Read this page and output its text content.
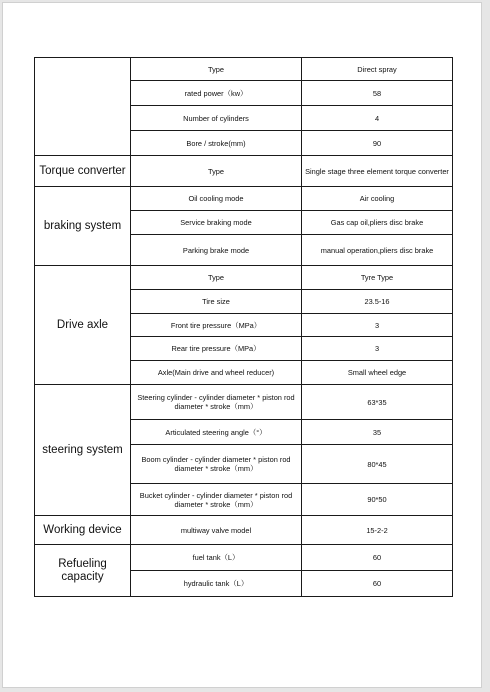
	Type	Direct spray
	rated power（kw）	58
	Number of cylinders	4
	Bore / stroke(mm)	90
Torque converter	Type	Single stage three element torque converter
braking system	Oil cooling mode	Air cooling
	Service braking mode	Gas cap oil,pliers disc brake
	Parking brake mode	manual operation,pliers disc brake
Drive axle	Type	Tyre Type
	Tire size	23.5-16
	Front tire pressure（MPa）	3
	Rear tire pressure（MPa）	3
	Axle(Main drive and wheel reducer)	Small wheel edge
steering system	Steering cylinder - cylinder diameter * piston rod diameter * stroke（mm）	63*35
	Articulated steering angle（°）	35
	Boom cylinder - cylinder diameter * piston rod diameter * stroke（mm）	80*45
	Bucket cylinder - cylinder diameter * piston rod diameter * stroke（mm）	90*50
Working device	multiway valve model	15-2-2
Refueling capacity	fuel tank（L）	60
	hydraulic tank（L）	60
